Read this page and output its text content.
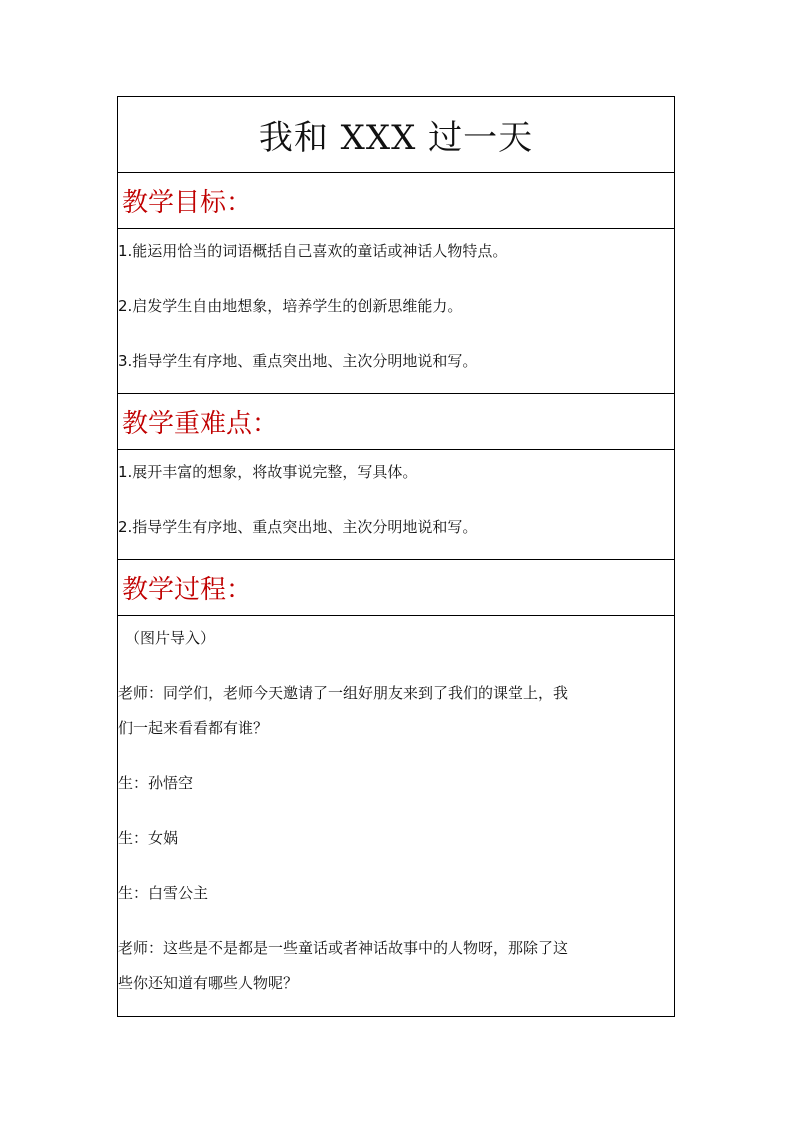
我和 XXX 过一天
教学目标：

1.能运用恰当的词语概括自己喜欢的童话或神话人物特点。

2.启发学生自由地想象，培养学生的创新思维能力。

3.指导学生有序地、重点突出地、主次分明地说和写。

教学重难点：

1.展开丰富的想象，将故事说完整，写具体。

2.指导学生有序地、重点突出地、主次分明地说和写。

教学过程：

（图片导入）

老师：同学们，老师今天邀请了一组好朋友来到了我们的课堂上，我

们一起来看看都有谁？

生：孙悟空

生：女娲

生：白雪公主

老师：这些是不是都是一些童话或者神话故事中的人物呀，那除了这

些你还知道有哪些人物呢？
